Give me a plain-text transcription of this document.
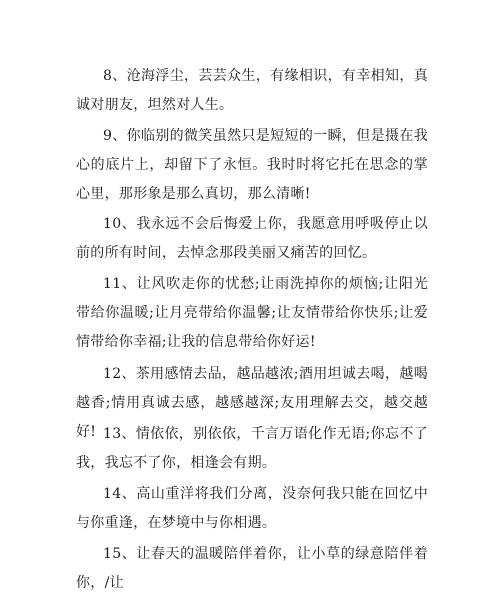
8、沧海浮尘，芸芸众生，有缘相识，有幸相知，真诚对朋友，坦然对人生。

9、你临别的微笑虽然只是短短的一瞬，但是摄在我心的底片上，却留下了永恒。我时时将它托在思念的掌心里，那形象是那么真切，那么清晰!

10、我永远不会后悔爱上你，我愿意用呼吸停止以前的所有时间，去悼念那段美丽又痛苦的回忆。

11、让风吹走你的忧愁;让雨洗掉你的烦恼;让阳光带给你温暖;让月亮带给你温馨;让友情带给你快乐;让爱情带给你幸福;让我的信息带给你好运!

12、茶用感情去品，越品越浓;酒用坦诚去喝，越喝越香;情用真诚去感，越感越深;友用理解去交，越交越好! 13、情依依，别依依，千言万语化作无语;你忘不了我，我忘不了你，相逢会有期。

14、高山重洋将我们分离，没奈何我只能在回忆中与你重逢，在梦境中与你相遇。

15、让春天的温暖陪伴着你，让小草的绿意陪伴着你，/让
